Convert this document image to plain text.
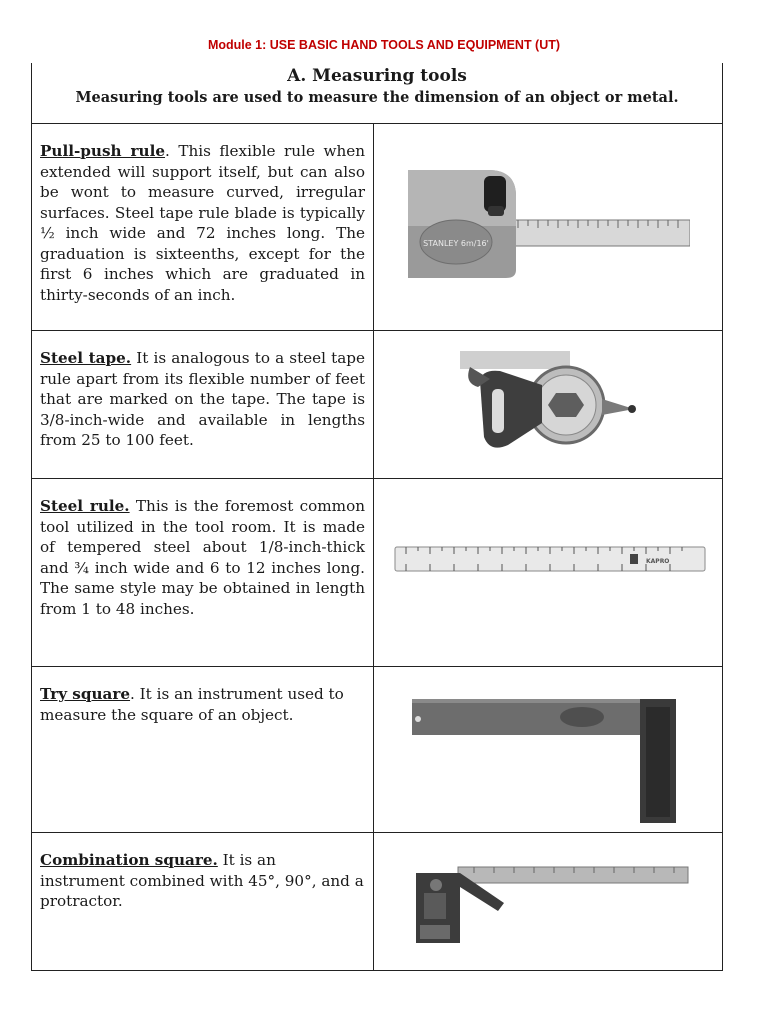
Module 1: USE BASIC HAND TOOLS AND EQUIPMENT (UT)
A. Measuring tools
Measuring tools are used to measure the dimension of an object or metal.
Pull-push rule. This flexible rule when extended will support itself, but can also be wont to measure curved, irregular surfaces. Steel tape rule blade is typically ½ inch wide and 72 inches long. The graduation is sixteenths, except for the first 6 inches which are graduated in thirty-seconds of an inch.
STANLEY 6m/16'
Steel tape. It is analogous to a steel tape rule apart from its flexible number of feet that are marked on the tape. The tape is 3/8-inch-wide and available in lengths from 25 to 100 feet.
Steel rule. This is the foremost common tool utilized in the tool room. It is made of tempered steel about 1/8-inch-thick and ¾ inch wide and 6 to 12 inches long. The same style may be obtained in length from 1 to 48 inches.
KAPRO
Try square. It is an instrument used to measure the square of an object.
Combination square. It is an instrument combined with 45°, 90°, and a protractor.
